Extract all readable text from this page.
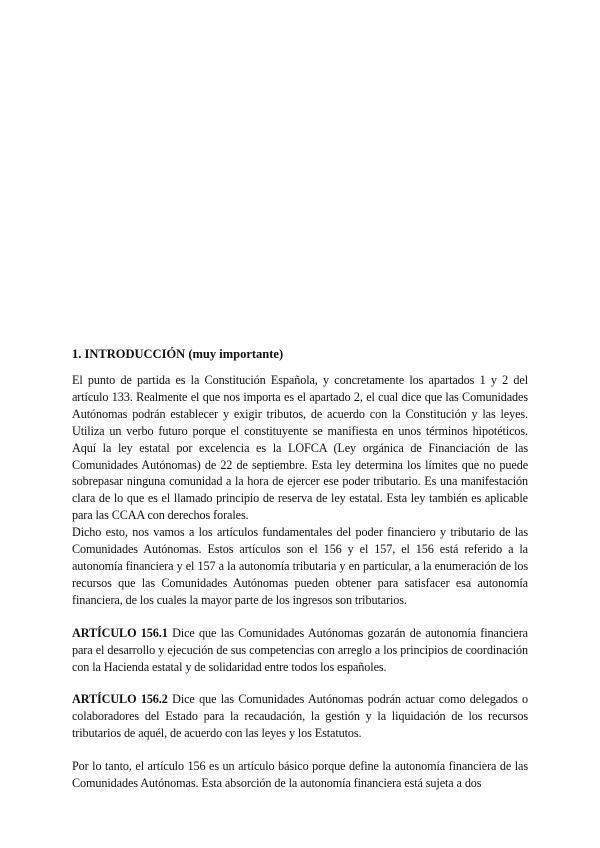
1. INTRODUCCIÓN (muy importante)

El punto de partida es la Constitución Española, y concretamente los apartados 1 y 2 del artículo 133. Realmente el que nos importa es el apartado 2, el cual dice que las Comunidades Autónomas podrán establecer y exigir tributos, de acuerdo con la Constitución y las leyes. Utiliza un verbo futuro porque el constituyente se manifiesta en unos términos hipotéticos. Aquí la ley estatal por excelencia es la LOFCA (Ley orgánica de Financiación de las Comunidades Autónomas) de 22 de septiembre. Esta ley determina los límites que no puede sobrepasar ninguna comunidad a la hora de ejercer ese poder tributario. Es una manifestación clara de lo que es el llamado principio de reserva de ley estatal. Esta ley también es aplicable para las CCAA con derechos forales.

Dicho esto, nos vamos a los artículos fundamentales del poder financiero y tributario de las Comunidades Autónomas. Estos artículos son el 156 y el 157, el 156 está referido a la autonomía financiera y el 157 a la autonomía tributaria y en particular, a la enumeración de los recursos que las Comunidades Autónomas pueden obtener para satisfacer esa autonomía financiera, de los cuales la mayor parte de los ingresos son tributarios.

ARTÍCULO 156.1 Dice que las Comunidades Autónomas gozarán de autonomía financiera para el desarrollo y ejecución de sus competencias con arreglo a los principios de coordinación con la Hacienda estatal y de solidaridad entre todos los españoles.

ARTÍCULO 156.2 Dice que las Comunidades Autónomas podrán actuar como delegados o colaboradores del Estado para la recaudación, la gestión y la liquidación de los recursos tributarios de aquél, de acuerdo con las leyes y los Estatutos.

Por lo tanto, el artículo 156 es un artículo básico porque define la autonomía financiera de las Comunidades Autónomas. Esta absorción de la autonomía financiera está sujeta a dos
